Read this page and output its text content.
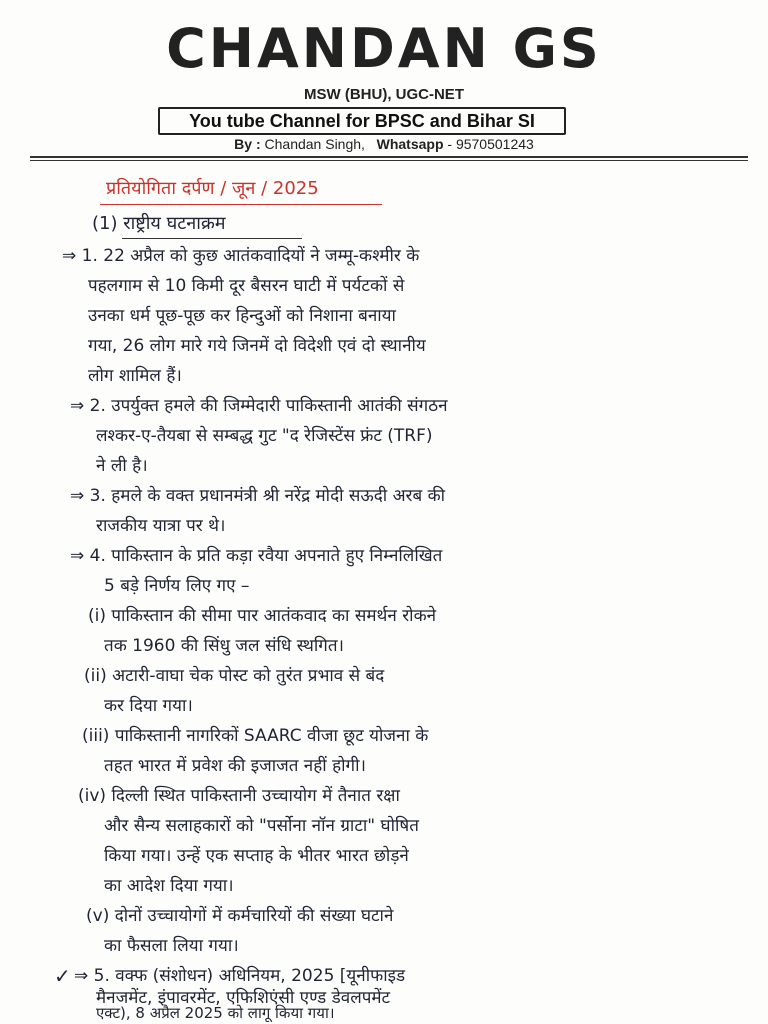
CHANDAN GS
MSW (BHU), UGC-NET
You tube Channel for BPSC and Bihar SI
By : Chandan Singh, Whatsapp - 9570501243
प्रतियोगिता दर्पण / जून / 2025
(1) राष्ट्रीय घटनाक्रम
⇒ 1. 22 अप्रैल को कुछ आतंकवादियों ने जम्मू-कश्मीर के
पहलगाम से 10 किमी दूर बैसरन घाटी में पर्यटकों से
उनका धर्म पूछ-पूछ कर हिन्दुओं को निशाना बनाया
गया, 26 लोग मारे गये जिनमें दो विदेशी एवं दो स्थानीय
लोग शामिल हैं।
⇒ 2. उपर्युक्त हमले की जिम्मेदारी पाकिस्तानी आतंकी संगठन
लश्कर-ए-तैयबा से सम्बद्ध गुट "द रेजिस्टेंस फ्रंट (TRF)
ने ली है।
⇒ 3. हमले के वक्त प्रधानमंत्री श्री नरेंद्र मोदी सऊदी अरब की
राजकीय यात्रा पर थे।
⇒ 4. पाकिस्तान के प्रति कड़ा रवैया अपनाते हुए निम्नलिखित
5 बड़े निर्णय लिए गए –
(i) पाकिस्तान की सीमा पार आतंकवाद का समर्थन रोकने
तक 1960 की सिंधु जल संधि स्थगित।
(ii) अटारी-वाघा चेक पोस्ट को तुरंत प्रभाव से बंद
कर दिया गया।
(iii) पाकिस्तानी नागरिकों SAARC वीजा छूट योजना के
तहत भारत में प्रवेश की इजाजत नहीं होगी।
(iv) दिल्ली स्थित पाकिस्तानी उच्चायोग में तैनात रक्षा
और सैन्य सलाहकारों को "पर्सोना नॉन ग्राटा" घोषित
किया गया। उन्हें एक सप्ताह के भीतर भारत छोड़ने
का आदेश दिया गया।
(v) दोनों उच्चायोगों में कर्मचारियों की संख्या घटाने
का फैसला लिया गया।
✓ ⇒ 5. वक्फ (संशोधन) अधिनियम, 2025 [यूनीफाइड
मैनजमेंट, इंपावरमेंट, एफिशिएंसी एण्ड डेवलपमेंट
एक्ट), 8 अप्रैल 2025 को लागू किया गया।
